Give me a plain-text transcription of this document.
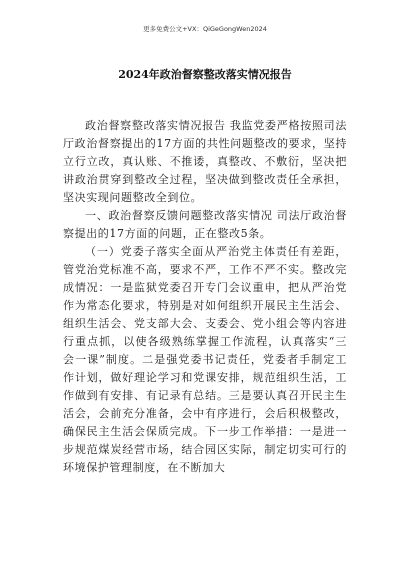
更多免费公文+VX：QiGeGongWen2024
2024年政治督察整改落实情况报告

政治督察整改落实情况报告 我监党委严格按照司法厅政治督察提出的17方面的共性问题整改的要求，坚持立行立改，真认账、不推诿，真整改、不敷衍，坚决把讲政治贯穿到整改全过程，坚决做到整改责任全承担，坚决实现问题整改全到位。

一、政治督察反馈问题整改落实情况 司法厅政治督察提出的17方面的问题，正在整改5条。

（一）党委子落实全面从严治党主体责任有差距，管党治党标准不高，要求不严，工作不严不实。整改完成情况：一是监狱党委召开专门会议重申，把从严治党作为常态化要求，特别是对如何组织开展民主生活会、组织生活会、党支部大会、支委会、党小组会等内容进行重点抓，以使各级熟练掌握工作流程，认真落实“三会一课”制度。二是强党委书记责任，党委者手制定工作计划，做好理论学习和党课安排，规范组织生活，工作做到有安排、有记录有总结。三是要认真召开民主生活会，会前充分准备，会中有序进行，会后积极整改，确保民主生活会保质完成。下一步工作举措：一是进一步规范煤炭经营市场，结合园区实际，制定切实可行的环境保护管理制度，在不断加大
